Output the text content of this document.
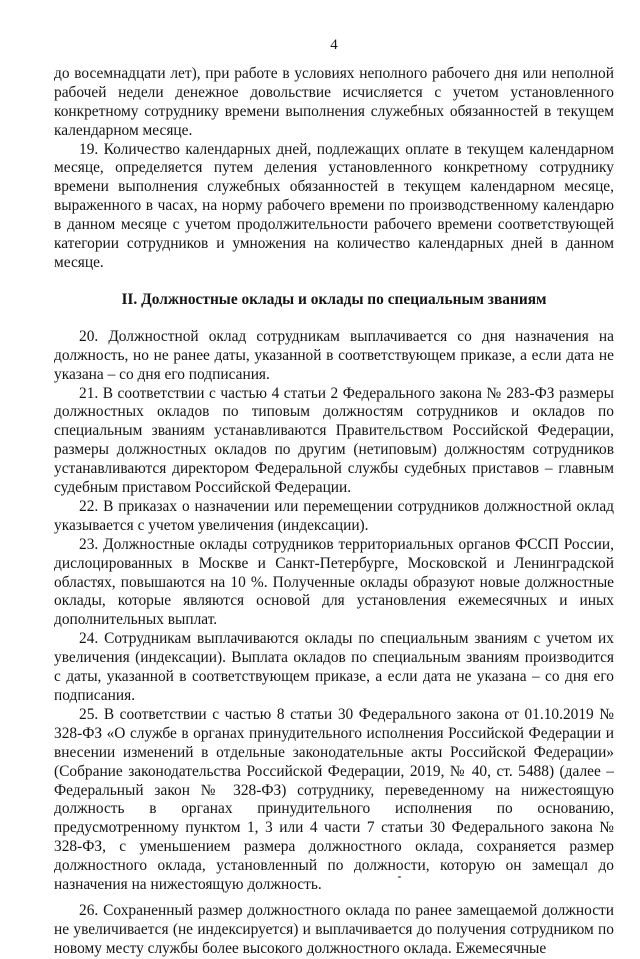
4

до восемнадцати лет), при работе в условиях неполного рабочего дня или неполной рабочей недели денежное довольствие исчисляется с учетом установленного конкретному сотруднику времени выполнения служебных обязанностей в текущем календарном месяце.

19. Количество календарных дней, подлежащих оплате в текущем календарном месяце, определяется путем деления установленного конкретному сотруднику времени выполнения служебных обязанностей в текущем календарном месяце, выраженного в часах, на норму рабочего времени по производственному календарю в данном месяце с учетом продолжительности рабочего времени соответствующей категории сотрудников и умножения на количество календарных дней в данном месяце.

II. Должностные оклады и оклады по специальным званиям

20. Должностной оклад сотрудникам выплачивается со дня назначения на должность, но не ранее даты, указанной в соответствующем приказе, а если дата не указана – со дня его подписания.

21. В соответствии с частью 4 статьи 2 Федерального закона № 283-ФЗ размеры должностных окладов по типовым должностям сотрудников и окладов по специальным званиям устанавливаются Правительством Российской Федерации, размеры должностных окладов по другим (нетиповым) должностям сотрудников устанавливаются директором Федеральной службы судебных приставов – главным судебным приставом Российской Федерации.

22. В приказах о назначении или перемещении сотрудников должностной оклад указывается с учетом увеличения (индексации).

23. Должностные оклады сотрудников территориальных органов ФССП России, дислоцированных в Москве и Санкт-Петербурге, Московской и Ленинградской областях, повышаются на 10 %. Полученные оклады образуют новые должностные оклады, которые являются основой для установления ежемесячных и иных дополнительных выплат.

24. Сотрудникам выплачиваются оклады по специальным званиям с учетом их увеличения (индексации). Выплата окладов по специальным званиям производится с даты, указанной в соответствующем приказе, а если дата не указана – со дня его подписания.

25. В соответствии с частью 8 статьи 30 Федерального закона от 01.10.2019 № 328-ФЗ «О службе в органах принудительного исполнения Российской Федерации и внесении изменений в отдельные законодательные акты Российской Федерации» (Собрание законодательства Российской Федерации, 2019, № 40, ст. 5488) (далее – Федеральный закон № 328-ФЗ) сотруднику, переведенному на нижестоящую должность в органах принудительного исполнения по основанию, предусмотренному пунктом 1, 3 или 4 части 7 статьи 30 Федерального закона № 328-ФЗ, с уменьшением размера должностного оклада, сохраняется размер должностного оклада, установленный по должности, которую он замещал до назначения на нижестоящую должность.

26. Сохраненный размер должностного оклада по ранее замещаемой должности не увеличивается (не индексируется) и выплачивается до получения сотрудником по новому месту службы более высокого должностного оклада. Ежемесячные
